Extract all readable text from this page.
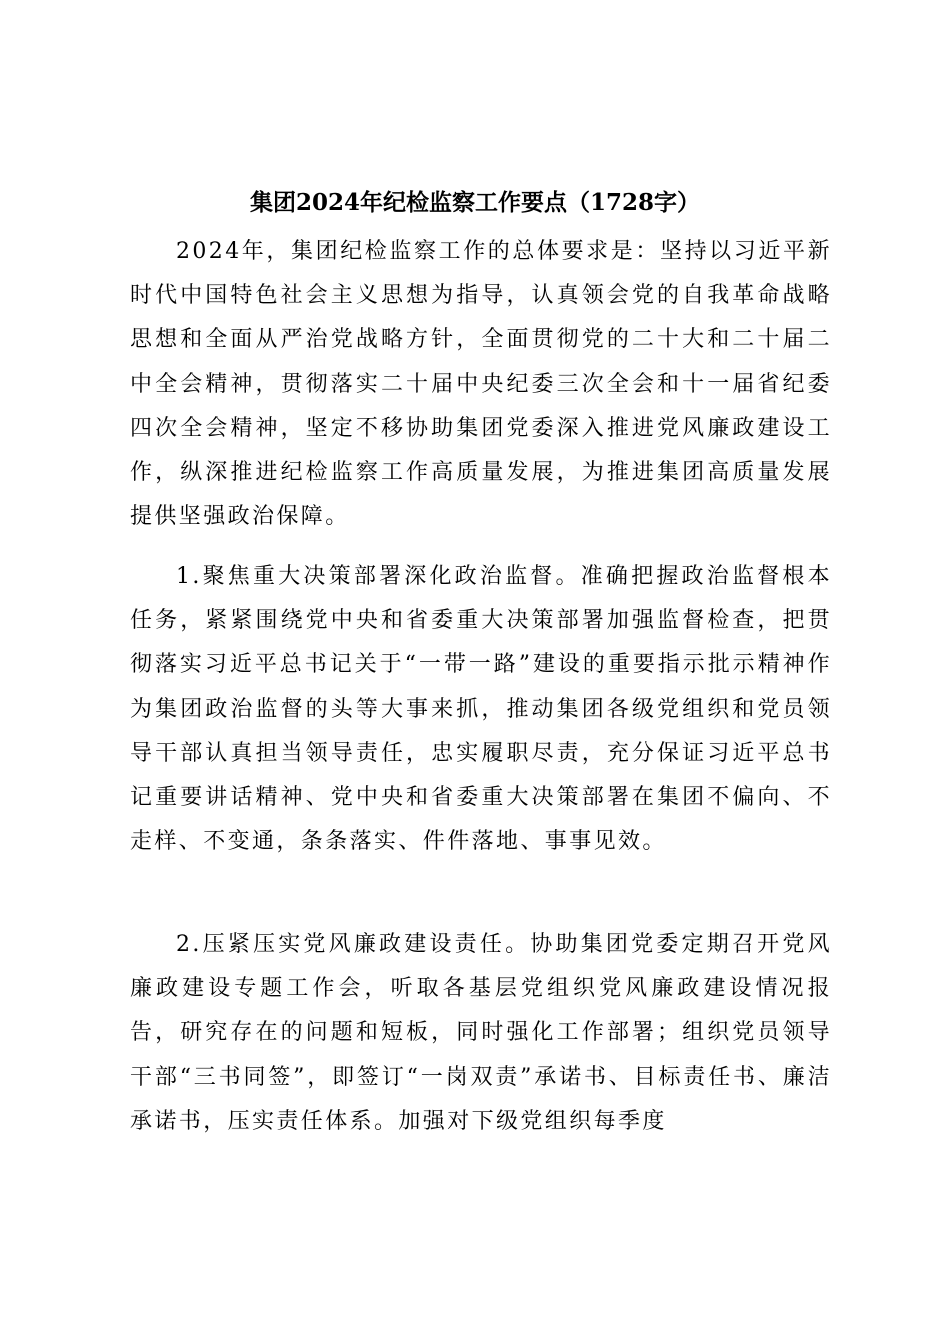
集团2024年纪检监察工作要点（1728字）

2024年，集团纪检监察工作的总体要求是：坚持以习近平新时代中国特色社会主义思想为指导，认真领会党的自我革命战略思想和全面从严治党战略方针，全面贯彻党的二十大和二十届二中全会精神，贯彻落实二十届中央纪委三次全会和十一届省纪委四次全会精神，坚定不移协助集团党委深入推进党风廉政建设工作，纵深推进纪检监察工作高质量发展，为推进集团高质量发展提供坚强政治保障。

1.聚焦重大决策部署深化政治监督。准确把握政治监督根本任务，紧紧围绕党中央和省委重大决策部署加强监督检查，把贯彻落实习近平总书记关于“一带一路”建设的重要指示批示精神作为集团政治监督的头等大事来抓，推动集团各级党组织和党员领导干部认真担当领导责任，忠实履职尽责，充分保证习近平总书记重要讲话精神、党中央和省委重大决策部署在集团不偏向、不走样、不变通，条条落实、件件落地、事事见效。

2.压紧压实党风廉政建设责任。协助集团党委定期召开党风廉政建设专题工作会，听取各基层党组织党风廉政建设情况报告，研究存在的问题和短板，同时强化工作部署；组织党员领导干部“三书同签”，即签订“一岗双责”承诺书、目标责任书、廉洁承诺书，压实责任体系。加强对下级党组织每季度
